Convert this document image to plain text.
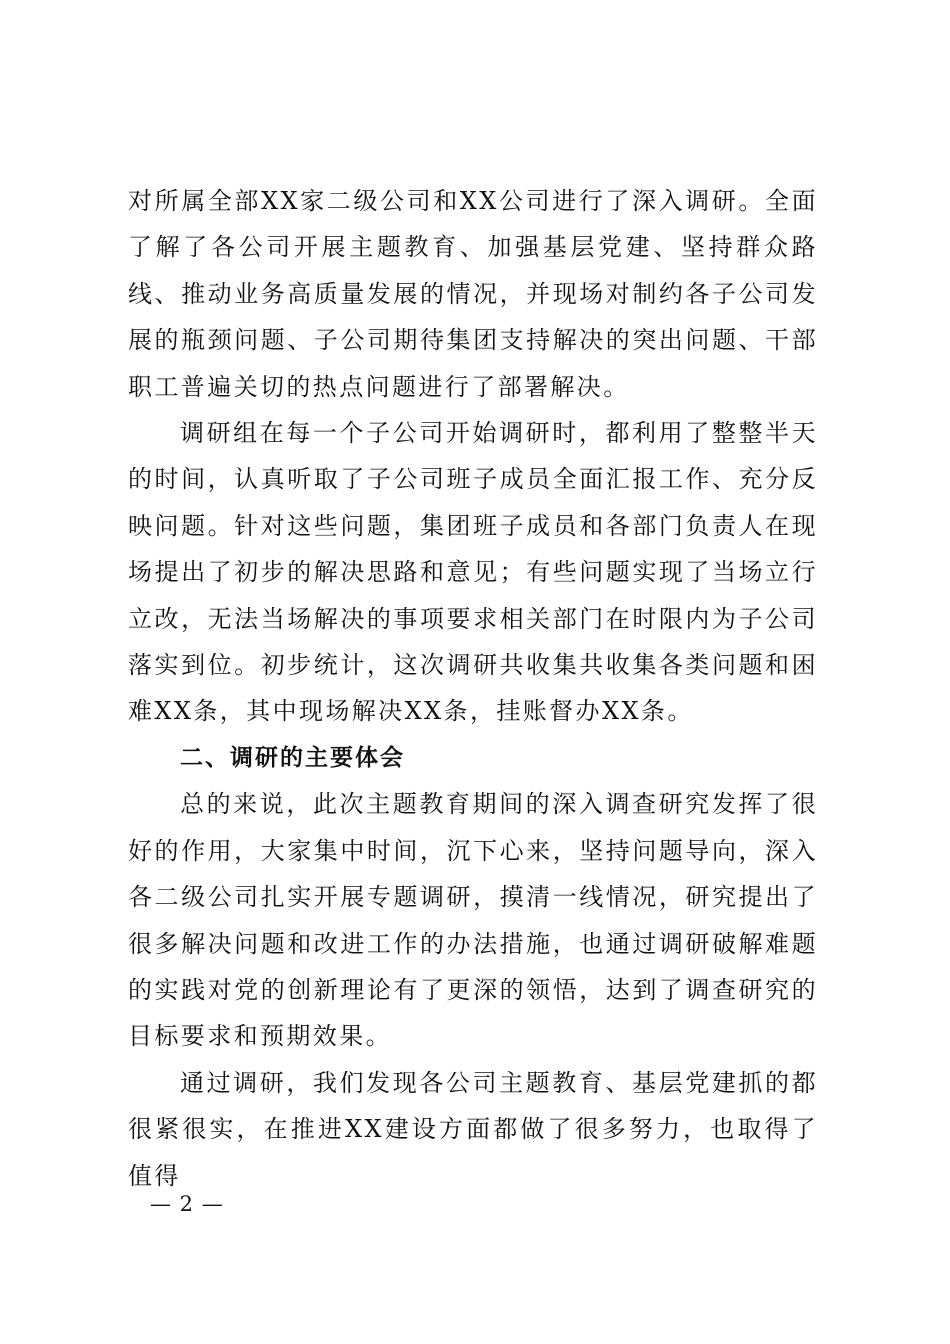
对所属全部XX家二级公司和XX公司进行了深入调研。全面了解了各公司开展主题教育、加强基层党建、坚持群众路线、推动业务高质量发展的情况，并现场对制约各子公司发展的瓶颈问题、子公司期待集团支持解决的突出问题、干部职工普遍关切的热点问题进行了部署解决。

调研组在每一个子公司开始调研时，都利用了整整半天的时间，认真听取了子公司班子成员全面汇报工作、充分反映问题。针对这些问题，集团班子成员和各部门负责人在现场提出了初步的解决思路和意见；有些问题实现了当场立行立改，无法当场解决的事项要求相关部门在时限内为子公司落实到位。初步统计，这次调研共收集共收集各类问题和困难XX条，其中现场解决XX条，挂账督办XX条。

二、调研的主要体会

总的来说，此次主题教育期间的深入调查研究发挥了很好的作用，大家集中时间，沉下心来，坚持问题导向，深入各二级公司扎实开展专题调研，摸清一线情况，研究提出了很多解决问题和改进工作的办法措施，也通过调研破解难题的实践对党的创新理论有了更深的领悟，达到了调查研究的目标要求和预期效果。

通过调研，我们发现各公司主题教育、基层党建抓的都很紧很实，在推进XX建设方面都做了很多努力，也取得了值得

— 2 —
